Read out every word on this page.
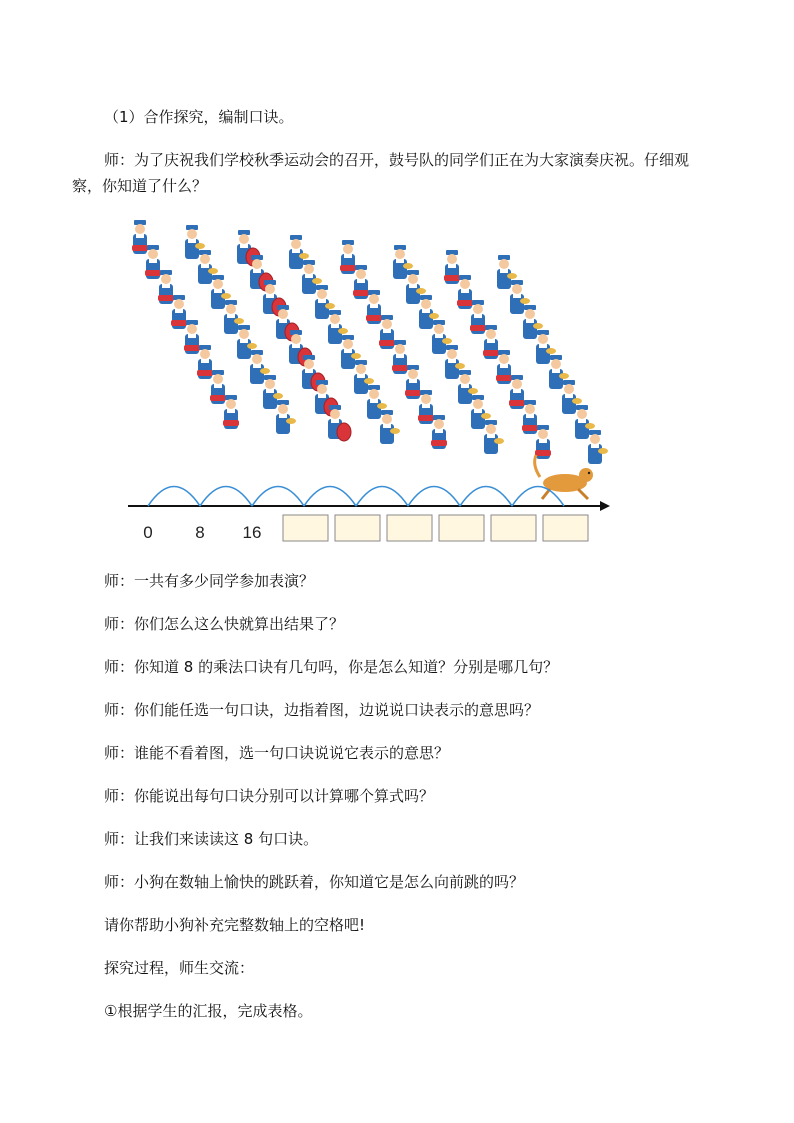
（1）合作探究，编制口诀。

师：为了庆祝我们学校秋季运动会的召开，鼓号队的同学们正在为大家演奏庆祝。仔细观

察，你知道了什么？

0	8 16

师：一共有多少同学参加表演？

师：你们怎么这么快就算出结果了？

师：你知道 8 的乘法口诀有几句吗，你是怎么知道？分别是哪几句？

师：你们能任选一句口诀，边指着图，边说说口诀表示的意思吗？

师：谁能不看着图，选一句口诀说说它表示的意思？

师：你能说出每句口诀分别可以计算哪个算式吗？

师：让我们来读读这 8 句口诀。

师：小狗在数轴上愉快的跳跃着，你知道它是怎么向前跳的吗？

请你帮助小狗补充完整数轴上的空格吧!

探究过程，师生交流：

①根据学生的汇报，完成表格。
